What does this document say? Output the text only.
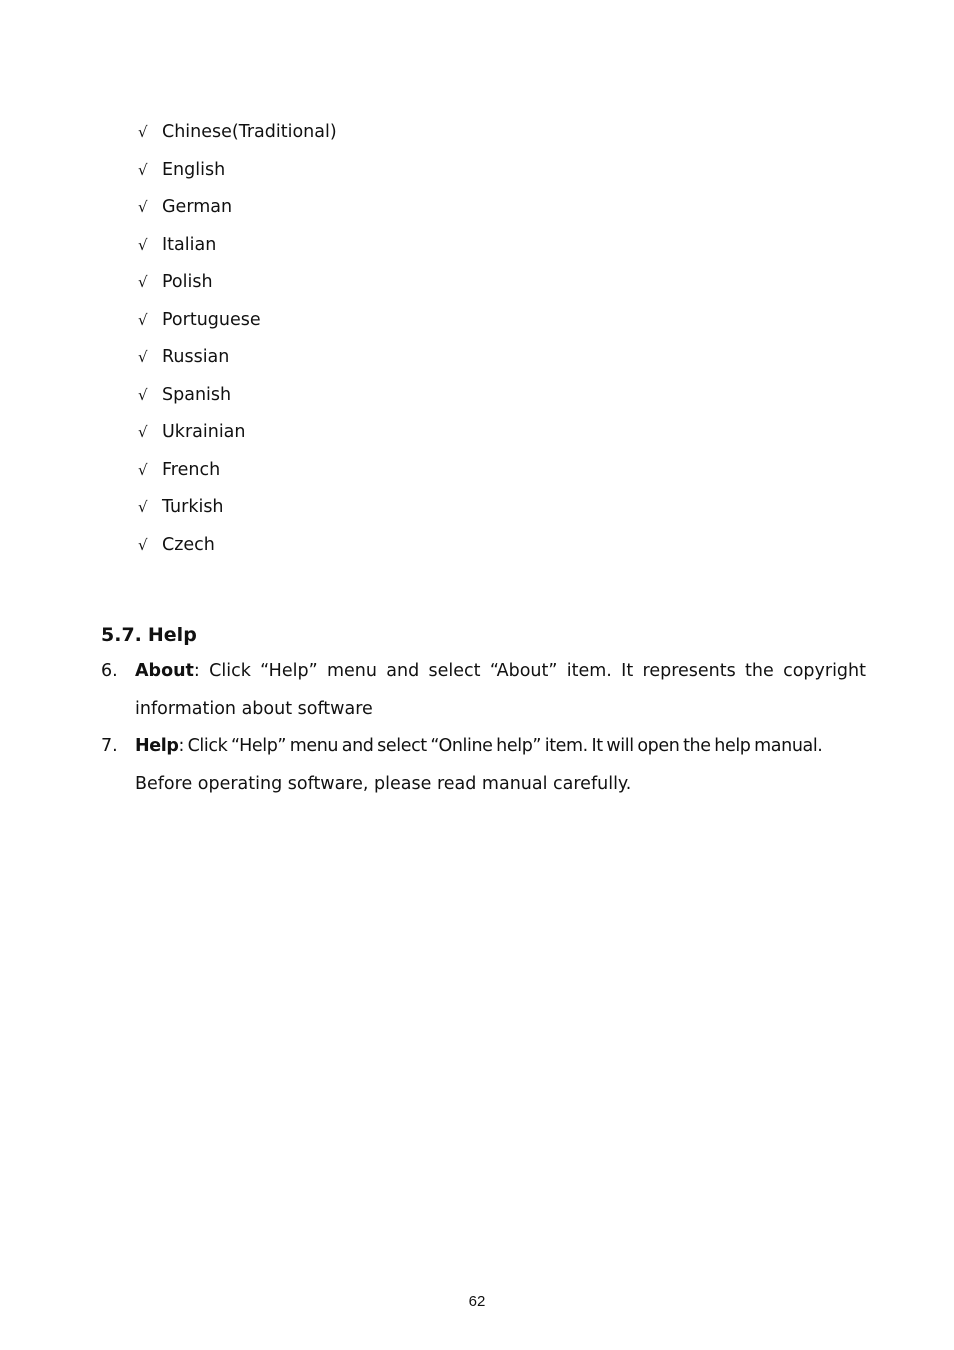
√ Chinese(Traditional)
√ English
√ German
√ Italian
√ Polish
√ Portuguese
√ Russian
√ Spanish
√ Ukrainian
√ French
√ Turkish
√ Czech
5.7. Help
6. About: Click “Help” menu and select “About” item. It represents the copyright
information about software
7. Help: Click “Help” menu and select “Online help” item. It will open the help manual.
Before operating software, please read manual carefully.
62
